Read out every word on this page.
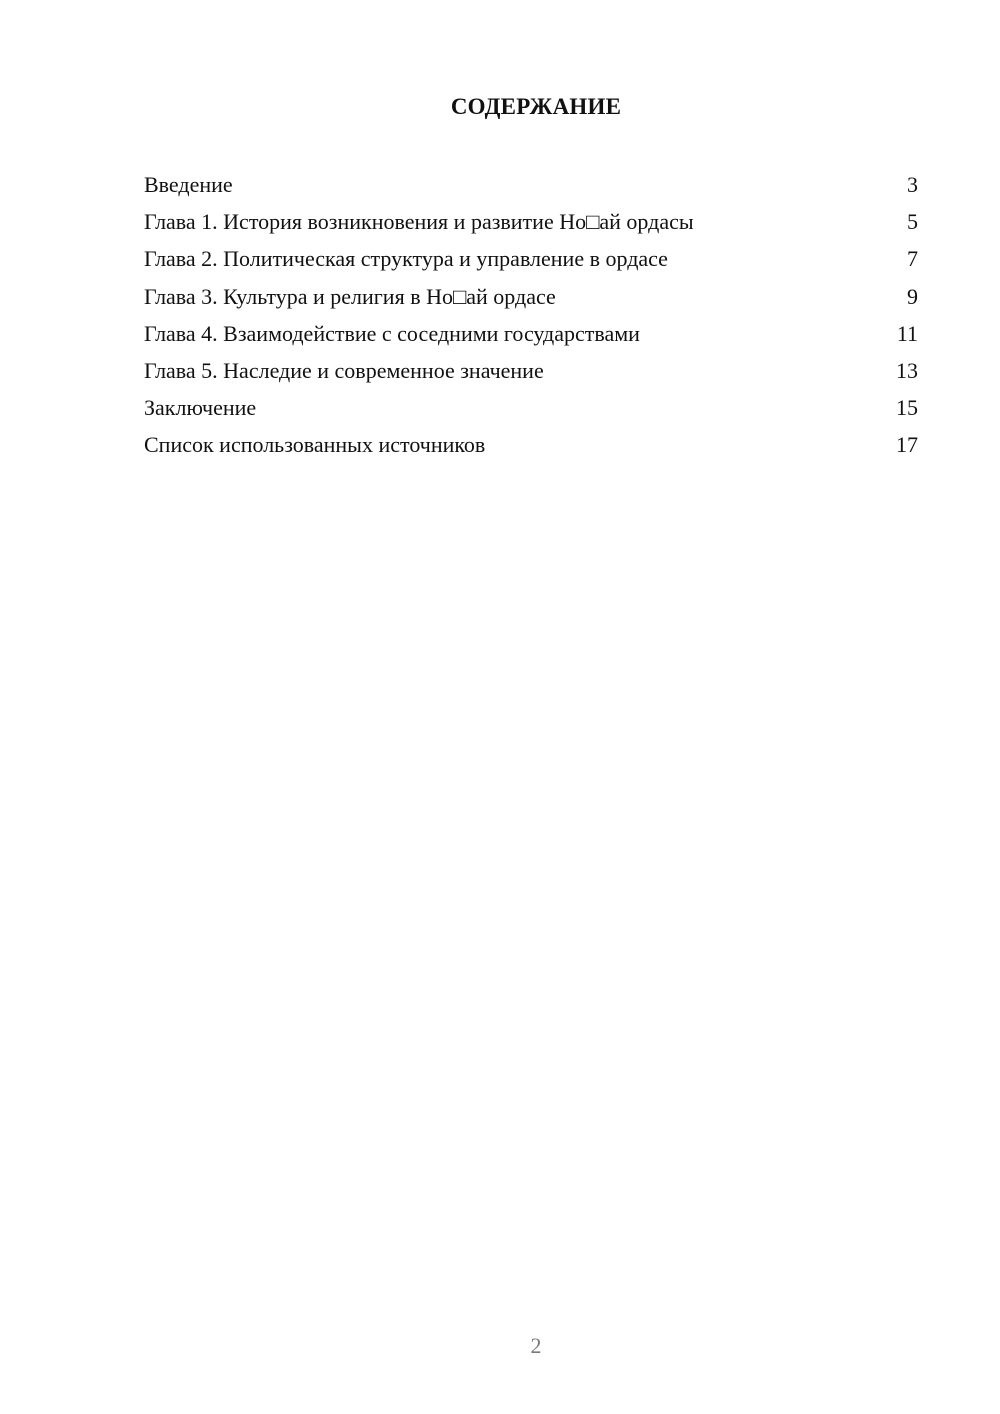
СОДЕРЖАНИЕ
Введение	3
Глава 1. История возникновения и развитие Но□ай ордасы	5
Глава 2. Политическая структура и управление в ордасе	7
Глава 3. Культура и религия в Но□ай ордасе	9
Глава 4. Взаимодействие с соседними государствами	11
Глава 5. Наследие и современное значение	13
Заключение	15
Список использованных источников	17
2
